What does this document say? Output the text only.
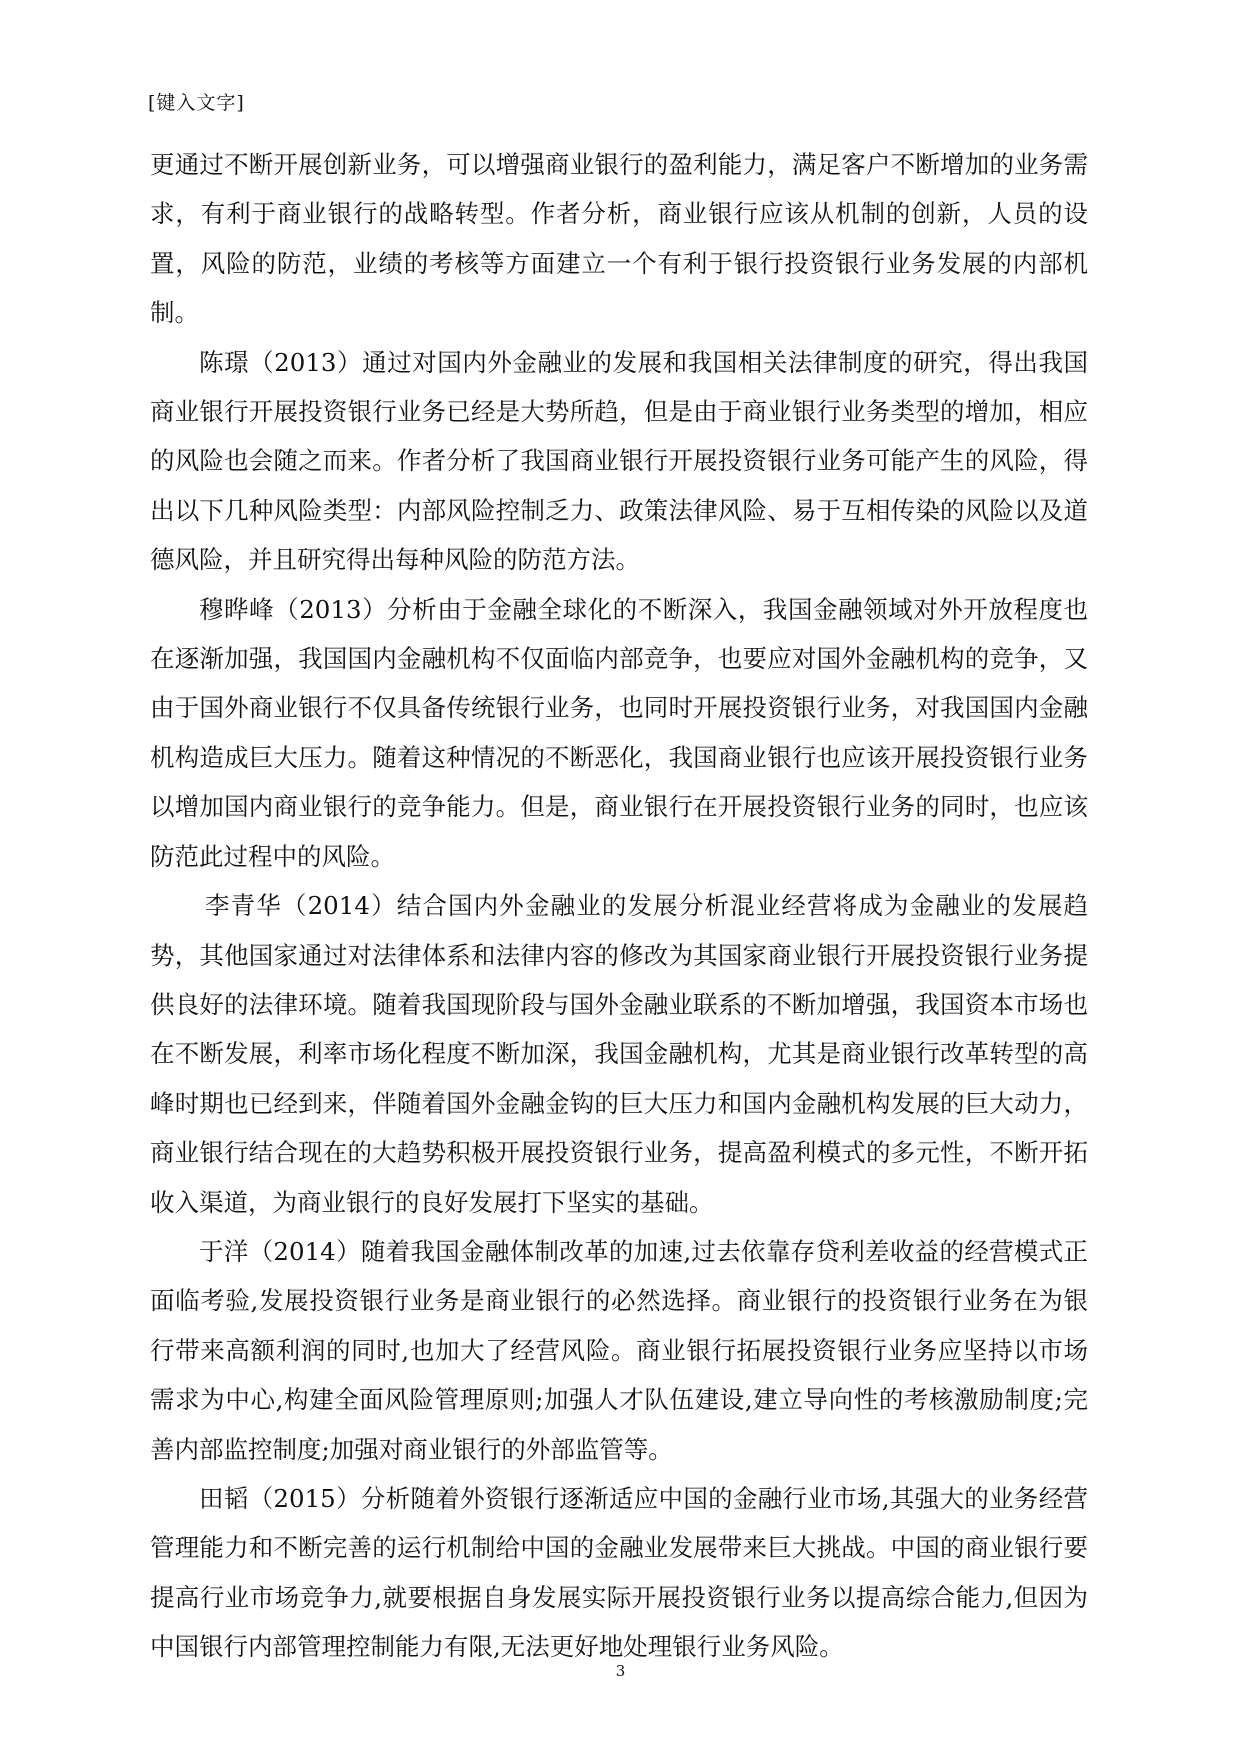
[键入文字]

更通过不断开展创新业务，可以增强商业银行的盈利能力，满足客户不断增加的业务需求，有利于商业银行的战略转型。作者分析，商业银行应该从机制的创新，人员的设置，风险的防范，业绩的考核等方面建立一个有利于银行投资银行业务发展的内部机制。

陈璟（2013）通过对国内外金融业的发展和我国相关法律制度的研究，得出我国商业银行开展投资银行业务已经是大势所趋，但是由于商业银行业务类型的增加，相应的风险也会随之而来。作者分析了我国商业银行开展投资银行业务可能产生的风险，得出以下几种风险类型：内部风险控制乏力、政策法律风险、易于互相传染的风险以及道德风险，并且研究得出每种风险的防范方法。

穆晔峰（2013）分析由于金融全球化的不断深入，我国金融领域对外开放程度也在逐渐加强，我国国内金融机构不仅面临内部竞争，也要应对国外金融机构的竞争，又由于国外商业银行不仅具备传统银行业务，也同时开展投资银行业务，对我国国内金融机构造成巨大压力。随着这种情况的不断恶化，我国商业银行也应该开展投资银行业务以增加国内商业银行的竞争能力。但是，商业银行在开展投资银行业务的同时，也应该防范此过程中的风险。

李青华（2014）结合国内外金融业的发展分析混业经营将成为金融业的发展趋势，其他国家通过对法律体系和法律内容的修改为其国家商业银行开展投资银行业务提供良好的法律环境。随着我国现阶段与国外金融业联系的不断加增强，我国资本市场也在不断发展，利率市场化程度不断加深，我国金融机构，尤其是商业银行改革转型的高峰时期也已经到来，伴随着国外金融金钩的巨大压力和国内金融机构发展的巨大动力，商业银行结合现在的大趋势积极开展投资银行业务，提高盈利模式的多元性，不断开拓收入渠道，为商业银行的良好发展打下坚实的基础。

于洋（2014）随着我国金融体制改革的加速,过去依靠存贷利差收益的经营模式正面临考验,发展投资银行业务是商业银行的必然选择。商业银行的投资银行业务在为银行带来高额利润的同时,也加大了经营风险。商业银行拓展投资银行业务应坚持以市场需求为中心,构建全面风险管理原则;加强人才队伍建设,建立导向性的考核激励制度;完善内部监控制度;加强对商业银行的外部监管等。

田韬（2015）分析随着外资银行逐渐适应中国的金融行业市场,其强大的业务经营管理能力和不断完善的运行机制给中国的金融业发展带来巨大挑战。中国的商业银行要提高行业市场竞争力,就要根据自身发展实际开展投资银行业务以提高综合能力,但因为中国银行内部管理控制能力有限,无法更好地处理银行业务风险。

3
